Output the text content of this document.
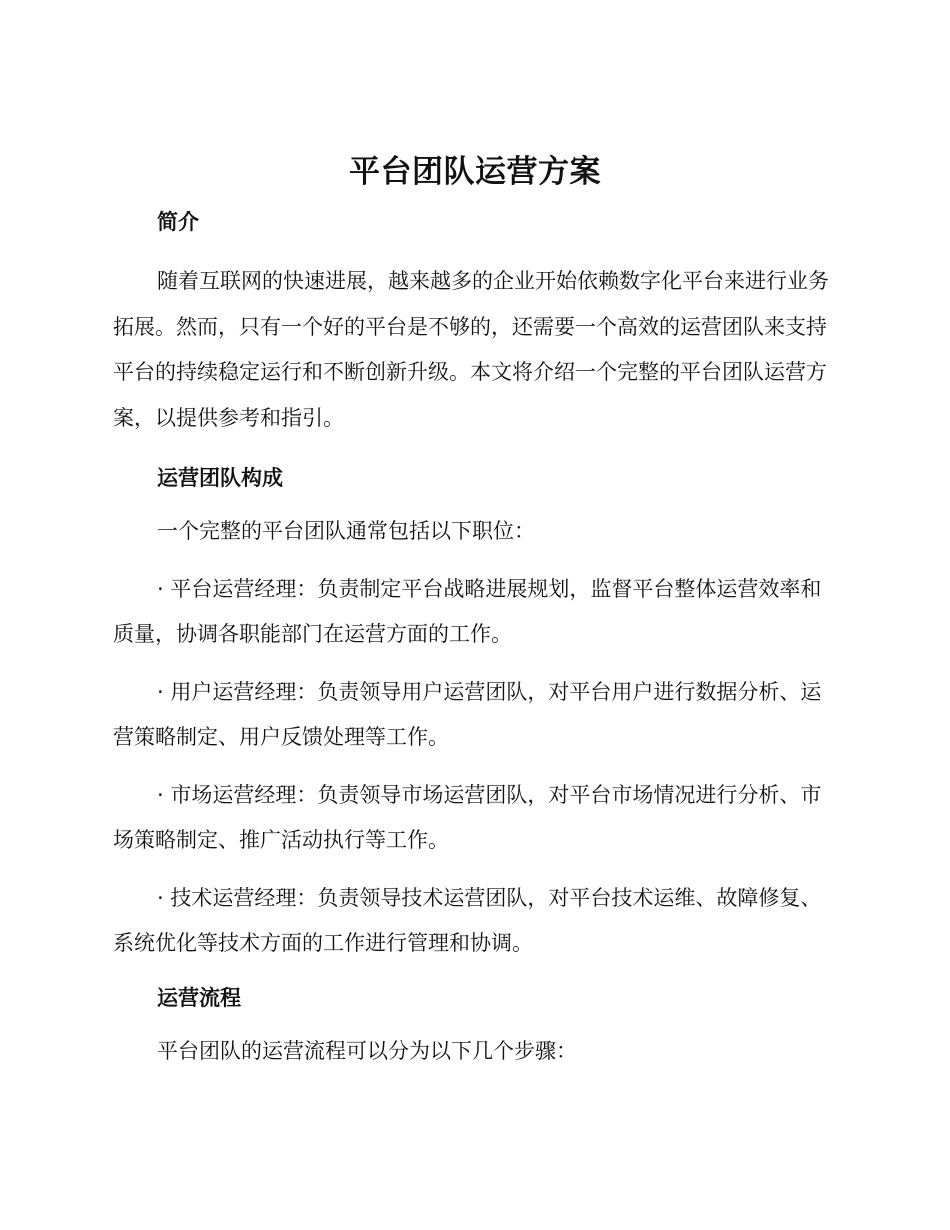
平台团队运营方案
简介

随着互联网的快速进展，越来越多的企业开始依赖数字化平台来进行业务拓展。然而，只有一个好的平台是不够的，还需要一个高效的运营团队来支持平台的持续稳定运行和不断创新升级。本文将介绍一个完整的平台团队运营方案，以提供参考和指引。

运营团队构成

一个完整的平台团队通常包括以下职位：

· 平台运营经理：负责制定平台战略进展规划，监督平台整体运营效率和质量，协调各职能部门在运营方面的工作。

· 用户运营经理：负责领导用户运营团队，对平台用户进行数据分析、运营策略制定、用户反馈处理等工作。

· 市场运营经理：负责领导市场运营团队，对平台市场情况进行分析、市场策略制定、推广活动执行等工作。

· 技术运营经理：负责领导技术运营团队，对平台技术运维、故障修复、系统优化等技术方面的工作进行管理和协调。

运营流程

平台团队的运营流程可以分为以下几个步骤：
